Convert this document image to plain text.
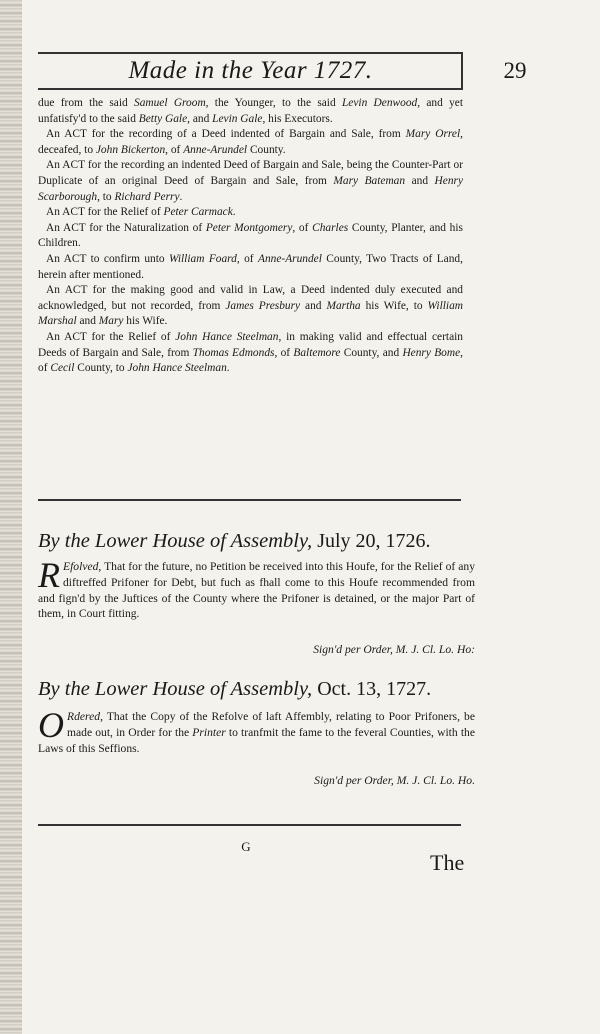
Made in the Year 1727.	29

due from the said Samuel Groom, the Younger, to the said Levin Denwood, and yet unfatisfy'd to the said Betty Gale, and Levin Gale, his Executors.

An ACT for the recording of a Deed indented of Bargain and Sale, from Mary Orrel, deceafed, to John Bickerton, of Anne-Arundel County.

An ACT for the recording an indented Deed of Bargain and Sale, being the Counter-Part or Duplicate of an original Deed of Bargain and Sale, from Mary Bateman and Henry Scarborough, to Richard Perry.

An ACT for the Relief of Peter Carmack.

An ACT for the Naturalization of Peter Montgomery, of Charles County, Planter, and his Children.

An ACT to confirm unto William Foard, of Anne-Arundel County, Two Tracts of Land, herein after mentioned.

An ACT for the making good and valid in Law, a Deed indented duly executed and acknowledged, but not recorded, from James Presbury and Martha his Wife, to William Marshal and Mary his Wife.

An ACT for the Relief of John Hance Steelman, in making valid and effectual certain Deeds of Bargain and Sale, from Thomas Edmonds, of Baltemore County, and Henry Bome, of Cecil County, to John Hance Steelman.

By the Lower House of Assembly, July 20, 1726.
R Efolved, That for the future, no Petition be received into this Houfe, for the Relief of any diftreffed Prifoner for Debt, but fuch as fhall come to this Houfe recommended from and fign'd by the Juftices of the County where the Prifoner is detained, or the major Part of them, in Court fitting.
Sign'd per Order, M. J. Cl. Lo. Ho:
By the Lower House of Assembly, Oct. 13, 1727.
O Rdered, That the Copy of the Refolve of laft Affembly, relating to Poor Prifoners, be made out, in Order for the Printer to tranfmit the fame to the feveral Counties, with the Laws of this Seffions.
Sign'd per Order, M. J. Cl. Lo. Ho.
G
The
